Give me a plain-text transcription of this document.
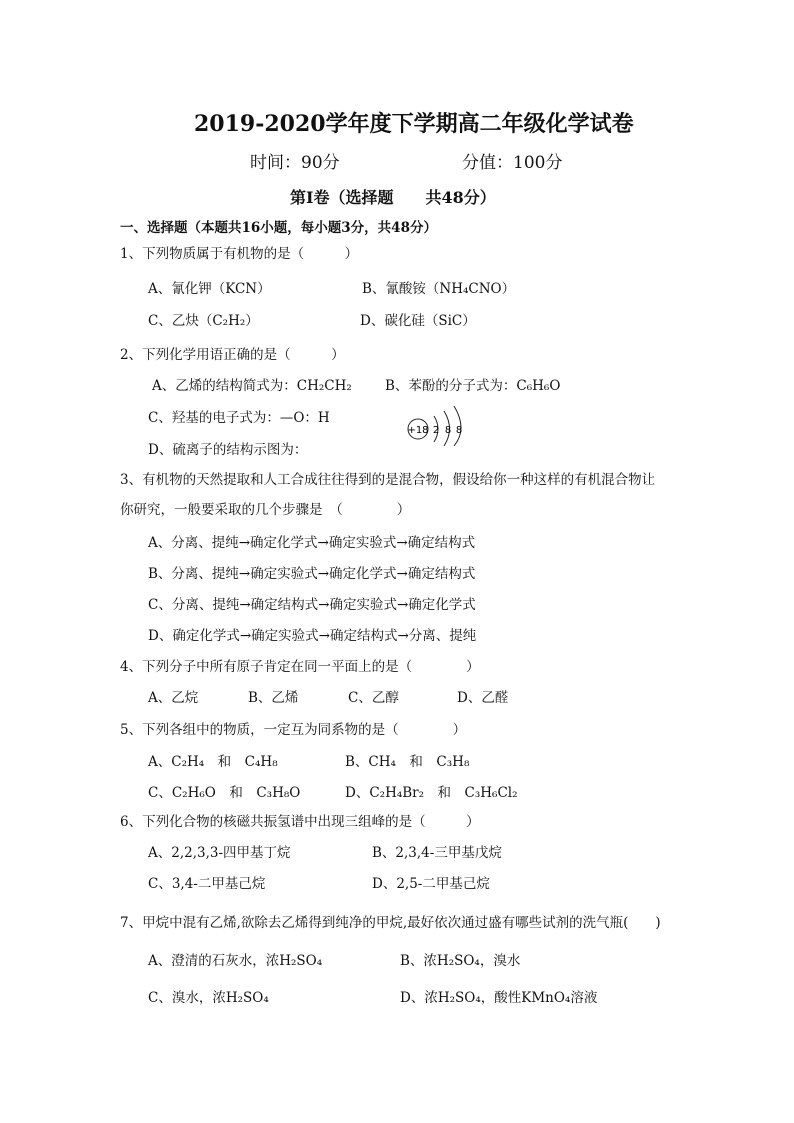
2019-2020学年度下学期高二年级化学试卷
时间：90分	分值：100分
第Ⅰ卷（选择题　　共48分）
一、选择题（本题共16小题，每小题3分，共48分）
1、下列物质属于有机物的是（　　　）
A、氰化钾（KCN）	B、氰酸铵（NH₄CNO）
C、乙炔（C₂H₂）	D、碳化硅（SiC）
2、下列化学用语正确的是（　　　）
A、乙烯的结构简式为：CH₂CH₂ B、苯酚的分子式为：C₆H₆O
C、羟基的电子式为：—O：H
D、硫离子的结构示图为：
+18 2 8 8
3、有机物的天然提取和人工合成往往得到的是混合物，假设给你一种这样的有机混合物让
你研究，一般要采取的几个步骤是　（　　　　）
A、分离、提纯→确定化学式→确定实验式→确定结构式
B、分离、提纯→确定实验式→确定化学式→确定结构式
C、分离、提纯→确定结构式→确定实验式→确定化学式
D、确定化学式→确定实验式→确定结构式→分离、提纯
4、下列分子中所有原子肯定在同一平面上的是（　　　　）
A、乙烷	B、乙烯	C、乙醇	D、乙醛
5、下列各组中的物质，一定互为同系物的是（　　　　）
A、C₂H₄　和　C₄H₈	B、CH₄　和　C₃H₈
C、C₂H₆O　和　C₃H₈O	D、C₂H₄Br₂　和　C₃H₆Cl₂
6、下列化合物的核磁共振氢谱中出现三组峰的是（　　　）
A、2,2,3,3-四甲基丁烷	B、2,3,4-三甲基戊烷
C、3,4-二甲基己烷	D、2,5-二甲基己烷
7、甲烷中混有乙烯,欲除去乙烯得到纯净的甲烷,最好依次通过盛有哪些试剂的洗气瓶(　　)
A、澄清的石灰水，浓H₂SO₄	B、浓H₂SO₄，溴水
C、溴水，浓H₂SO₄	D、浓H₂SO₄，酸性KMnO₄溶液
